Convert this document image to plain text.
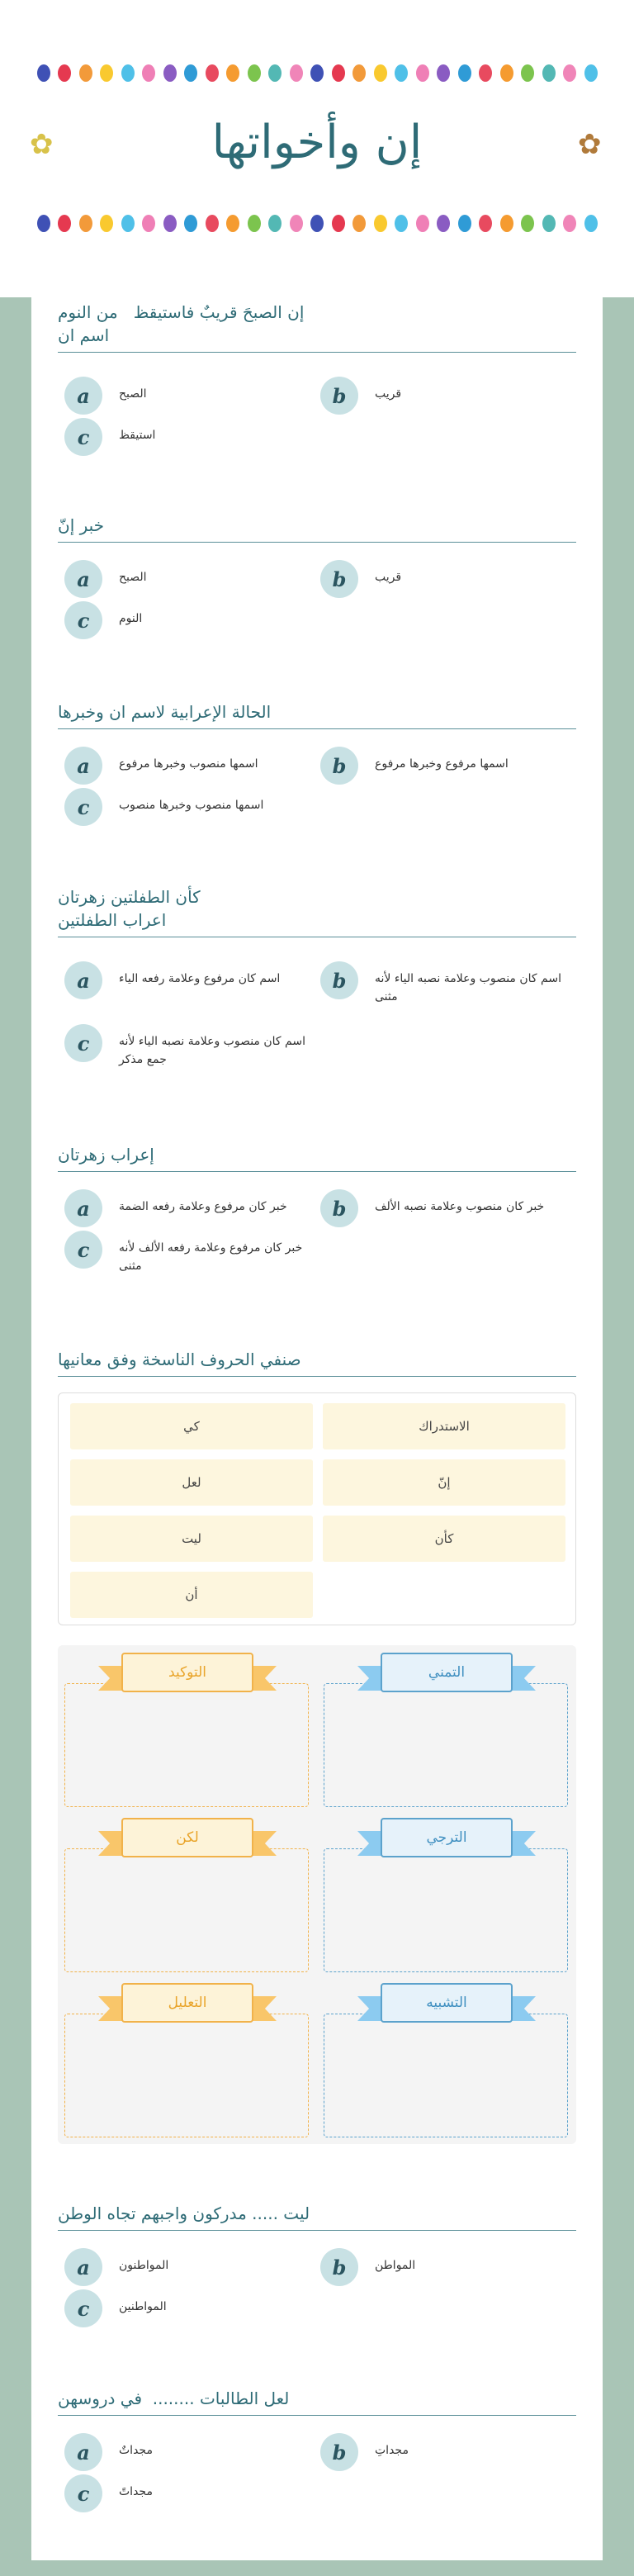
✿	إن وأخواتها	✿
إن الصبحَ قريبٌ فاستيقظ   من النوم
اسم ان
a	الصبح	b	قريب
c	استيقظ
خبر إنّ
a	الصبح	b	قريب
c	النوم
الحالة الإعرابية لاسم ان وخبرها
a	اسمها منصوب وخبرها مرفوع	b	اسمها مرفوع وخبرها مرفوع
c	اسمها منصوب وخبرها منصوب
كأن الطفلتين زهرتان
اعراب الطفلتين
a	اسم كان مرفوع وعلامة رفعه الياء	b	اسم كان منصوب وعلامة نصبه الياء لأنه مثنى
c	اسم كان منصوب وعلامة نصبه الياء لأنه جمع مذكر
إعراب زهرتان
a	خبر كان مرفوع وعلامة رفعه الضمة	b	خبر كان منصوب وعلامة نصبه الألف
c	خبر كان مرفوع وعلامة رفعه الألف لأنه مثنى
صنفي الحروف الناسخة وفق معانيها
كي	الاستدراك
لعل	إنّ
ليت	كأن
أن
التوكيد	التمني
لكن	الترجي
التعليل	التشبيه
ليت ..... مدركون واجبهم تجاه الوطن
a	المواطنون	b	المواطن
c	المواطنين
لعل الطالبات ........  في دروسهن
a	مجداتٌ	b	مجداتِ
c	مجداتً
